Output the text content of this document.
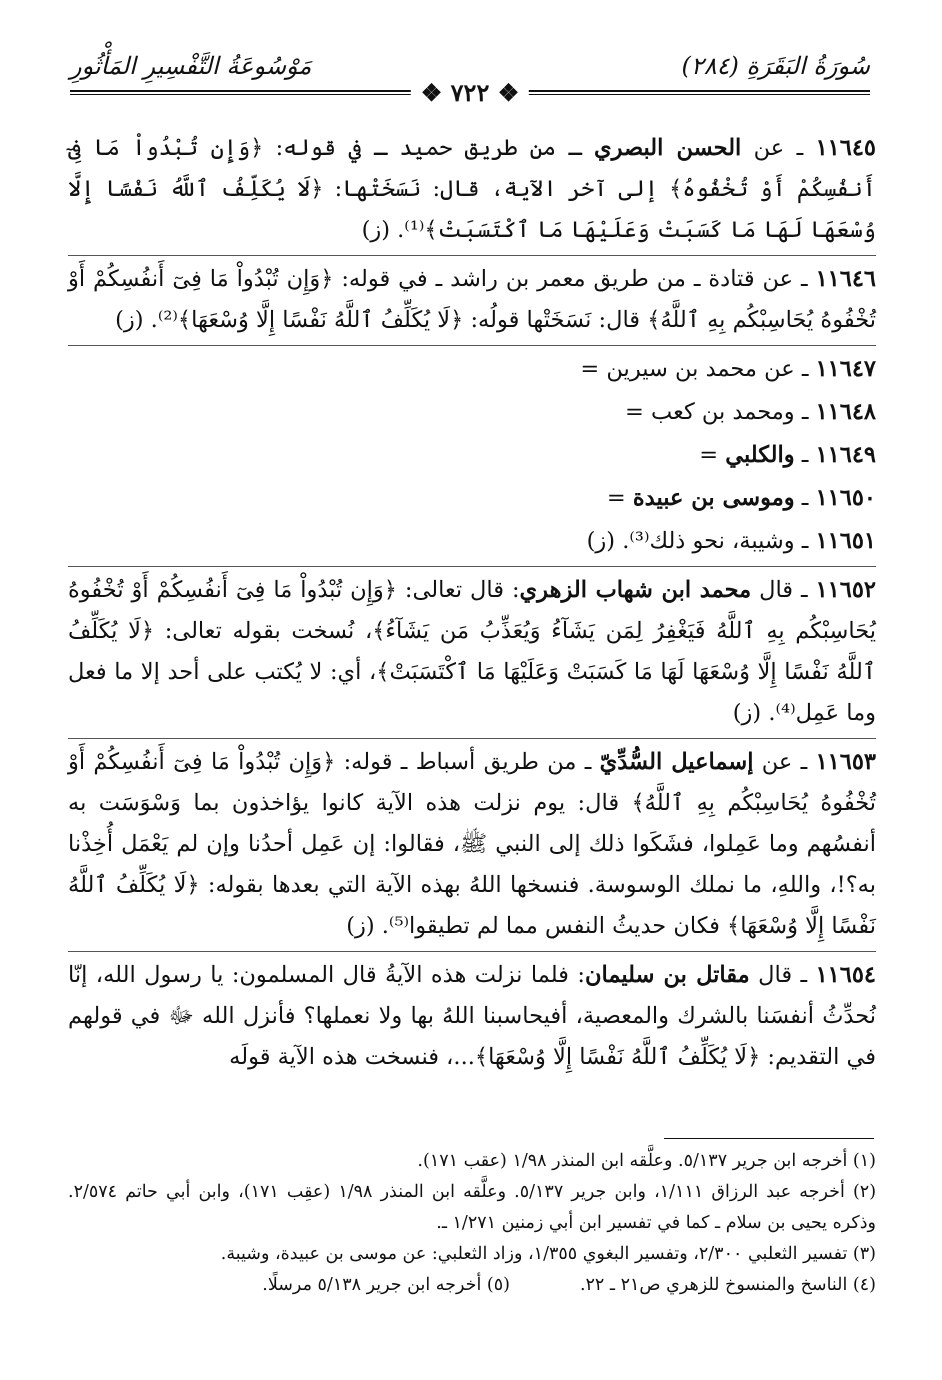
سُورَةُ البَقَرَةِ (٢٨٤)
مَوْسُوعَةُ التَّفْسِيرِ المَأْثُورِ
❖ ٧٢٢ ❖

١١٦٤٥ ـ عن الحسن البصري ـ من طريق حميد ـ في قوله: ﴿وَإِن تُبْدُواْ مَا فِىٓ أَنفُسِكُمْ أَوْ تُخْفُوهُ﴾ إلى آخر الآية، قال: نَسَخَتْها: ﴿لَا يُكَلِّفُ ٱللَّهُ نَفْسًا إِلَّا وُسْعَهَا لَهَا مَا كَسَبَتْ وَعَلَيْهَا مَا ٱكْتَسَبَتْ﴾⁽¹⁾. (ز)

١١٦٤٦ ـ عن قتادة ـ من طريق معمر بن راشد ـ في قوله: ﴿وَإِن تُبْدُواْ مَا فِىٓ أَنفُسِكُمْ أَوْ تُخْفُوهُ يُحَاسِبْكُم بِهِ ٱللَّهُ﴾ قال: نَسَخَتْها قولُه: ﴿لَا يُكَلِّفُ ٱللَّهُ نَفْسًا إِلَّا وُسْعَهَا﴾⁽²⁾. (ز)

١١٦٤٧ ـ عن محمد بن سيرين =

١١٦٤٨ ـ ومحمد بن كعب =

١١٦٤٩ ـ والكلبي =

١١٦٥٠ ـ وموسى بن عبيدة =

١١٦٥١ ـ وشيبة، نحو ذلك⁽³⁾. (ز)

١١٦٥٢ ـ قال محمد ابن شهاب الزهري: قال تعالى: ﴿وَإِن تُبْدُواْ مَا فِىٓ أَنفُسِكُمْ أَوْ تُخْفُوهُ يُحَاسِبْكُم بِهِ ٱللَّهُ فَيَغْفِرُ لِمَن يَشَآءُ وَيُعَذِّبُ مَن يَشَآءُ﴾، نُسخت بقوله تعالى: ﴿لَا يُكَلِّفُ ٱللَّهُ نَفْسًا إِلَّا وُسْعَهَا لَهَا مَا كَسَبَتْ وَعَلَيْهَا مَا ٱكْتَسَبَتْ﴾، أي: لا يُكتب على أحد إلا ما فعل وما عَمِل⁽⁴⁾. (ز)

١١٦٥٣ ـ عن إسماعيل السُّدِّيّ ـ من طريق أسباط ـ قوله: ﴿وَإِن تُبْدُواْ مَا فِىٓ أَنفُسِكُمْ أَوْ تُخْفُوهُ يُحَاسِبْكُم بِهِ ٱللَّهُ﴾ قال: يوم نزلت هذه الآية كانوا يؤاخذون بما وَسْوَسَت به أنفسُهم وما عَمِلوا، فشَكَوا ذلك إلى النبي ﷺ، فقالوا: إن عَمِل أحدُنا وإن لم يَعْمَل أُخِذْنا به؟!، واللهِ، ما نملك الوسوسة. فنسخها اللهُ بهذه الآية التي بعدها بقوله: ﴿لَا يُكَلِّفُ ٱللَّهُ نَفْسًا إِلَّا وُسْعَهَا﴾ فكان حديثُ النفس مما لم تطيقوا⁽⁵⁾. (ز)

١١٦٥٤ ـ قال مقاتل بن سليمان: فلما نزلت هذه الآيةُ قال المسلمون: يا رسول الله، إنّا نُحدِّثُ أنفسَنا بالشرك والمعصية، أفيحاسبنا اللهُ بها ولا نعملها؟ فأنزل الله ﷻ في قولهم في التقديم: ﴿لَا يُكَلِّفُ ٱللَّهُ نَفْسًا إِلَّا وُسْعَهَا﴾...، فنسخت هذه الآية قولَه

(١) أخرجه ابن جرير ٥/١٣٧. وعلَّقه ابن المنذر ١/٩٨ (عقب ١٧١).

(٢) أخرجه عبد الرزاق ١/١١١، وابن جرير ٥/١٣٧. وعلَّقه ابن المنذر ١/٩٨ (عقِب ١٧١)، وابن أبي حاتم ٢/٥٧٤. وذكره يحيى بن سلام ـ كما في تفسير ابن أبي زمنين ١/٢٧١ ـ.

(٣) تفسير الثعلبي ٢/٣٠٠، وتفسير البغوي ١/٣٥٥، وزاد الثعلبي: عن موسى بن عبيدة، وشيبة.

(٤) الناسخ والمنسوخ للزهري ص٢١ ـ ٢٢.
(٥) أخرجه ابن جرير ٥/١٣٨ مرسلًا.
